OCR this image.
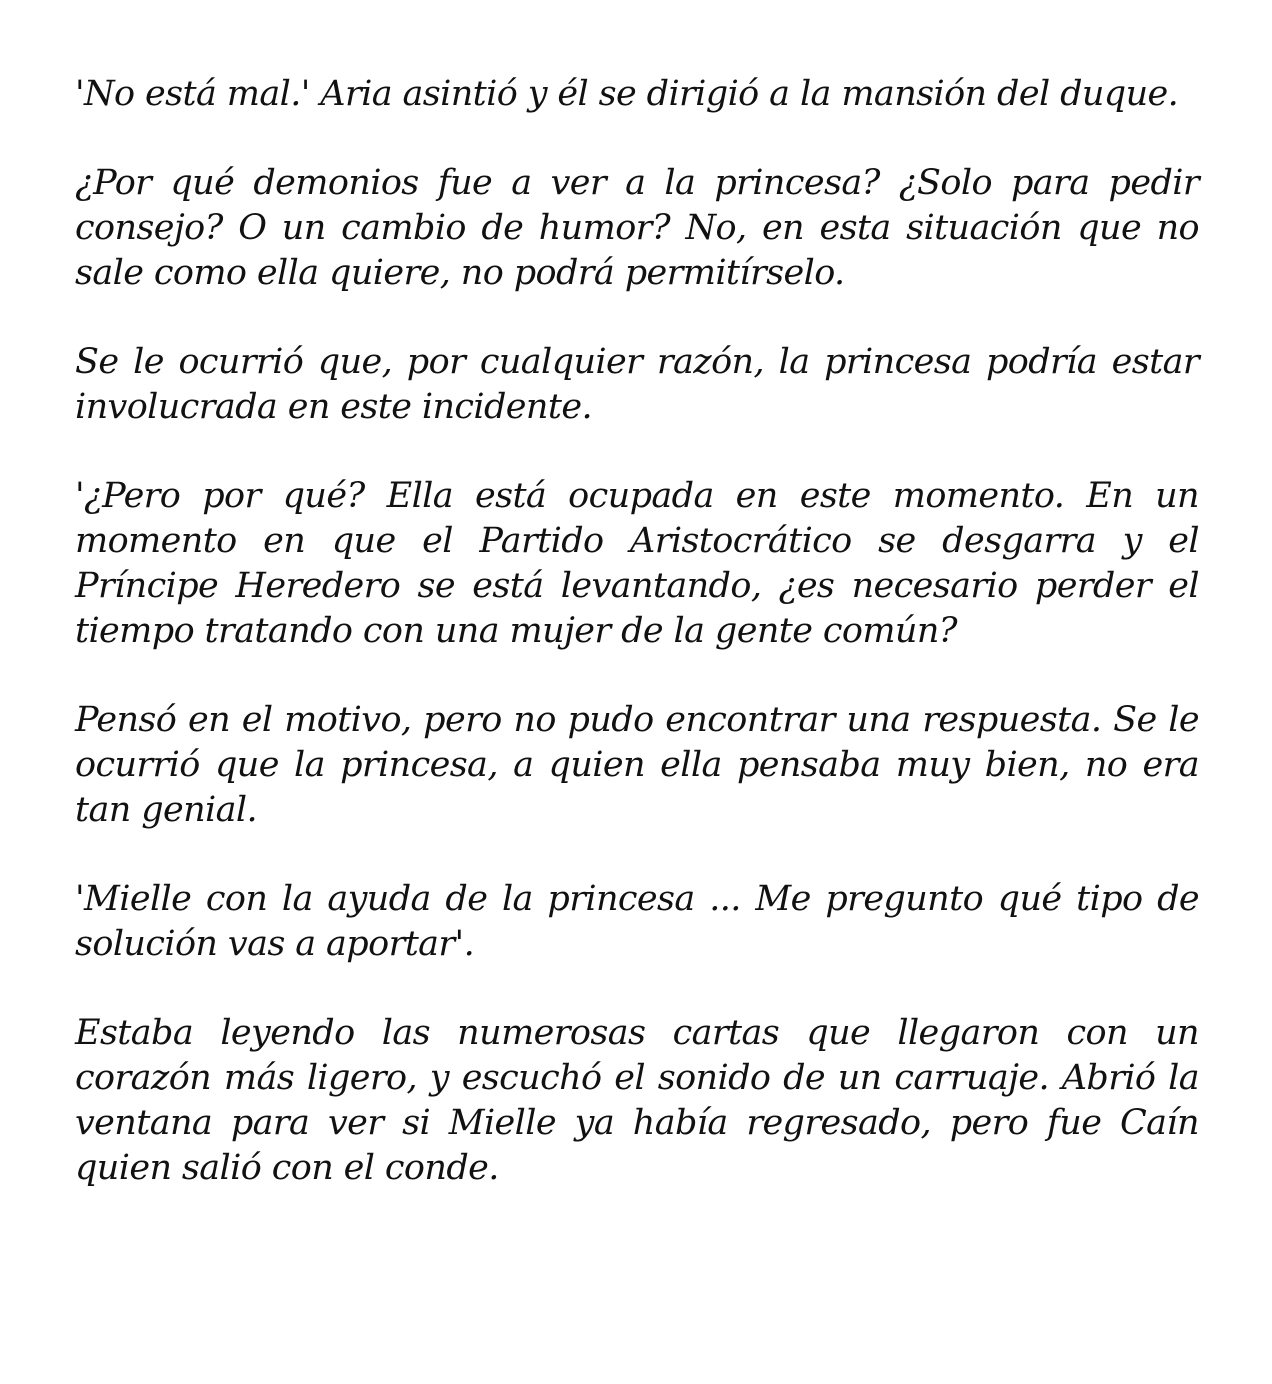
'No está mal.' Aria asintió y él se dirigió a la mansión del duque.

¿Por qué demonios fue a ver a la princesa? ¿Solo para pedir consejo? O un cambio de humor? No, en esta situación que no sale como ella quiere, no podrá permitírselo.

Se le ocurrió que, por cualquier razón, la princesa podría estar involucrada en este incidente.

'¿Pero por qué? Ella está ocupada en este momento. En un momento en que el Partido Aristocrático se desgarra y el Príncipe Heredero se está levantando, ¿es necesario perder el tiempo tratando con una mujer de la gente común?

Pensó en el motivo, pero no pudo encontrar una respuesta. Se le ocurrió que la princesa, a quien ella pensaba muy bien, no era tan genial.

'Mielle con la ayuda de la princesa ... Me pregunto qué tipo de solución vas a aportar'.

Estaba leyendo las numerosas cartas que llegaron con un corazón más ligero, y escuchó el sonido de un carruaje. Abrió la ventana para ver si Mielle ya había regresado, pero fue Caín quien salió con el conde.
